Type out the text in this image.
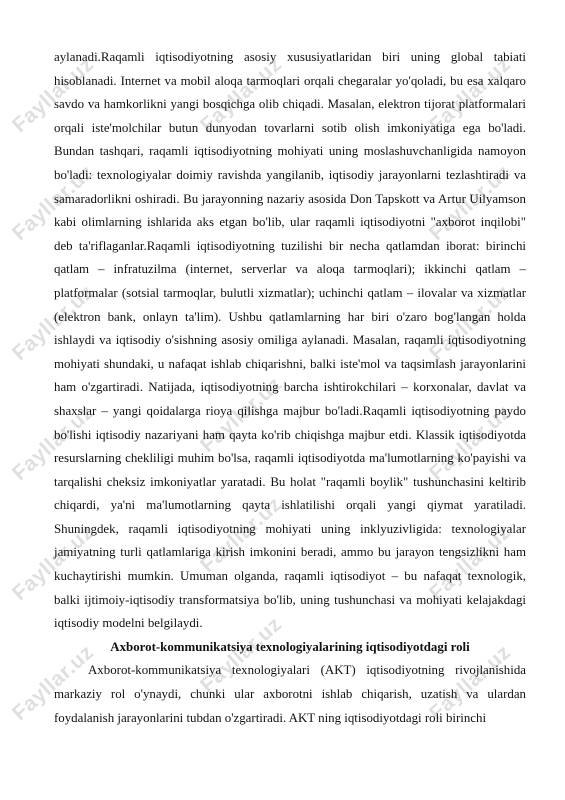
Fayllar.uz
Fayllar.uz
Fayllar.uz
Fayllar.uz
Fayllar.uz
Fayllar.uz
Fayllar.uz
Fayllar.uz
Fayllar.uz
Fayllar.uz
Fayllar.uz
Fayllar.uz
Fayllar.uz
Fayllar.uz
Fayllar.uz
Fayllar.uz

aylanadi.Raqamli iqtisodiyotning asosiy xususiyatlaridan biri uning global tabiati hisoblanadi. Internet va mobil aloqa tarmoqlari orqali chegaralar yo'qoladi, bu esa xalqaro savdo va hamkorlikni yangi bosqichga olib chiqadi. Masalan, elektron tijorat platformalari orqali iste'molchilar butun dunyodan tovarlarni sotib olish imkoniyatiga ega bo'ladi. Bundan tashqari, raqamli iqtisodiyotning mohiyati uning moslashuvchanligida namoyon bo'ladi: texnologiyalar doimiy ravishda yangilanib, iqtisodiy jarayonlarni tezlashtiradi va samaradorlikni oshiradi. Bu jarayonning nazariy asosida Don Tapskott va Artur Uilyamson kabi olimlarning ishlarida aks etgan bo'lib, ular raqamli iqtisodiyotni "axborot inqilobi" deb ta'riflaganlar.Raqamli iqtisodiyotning tuzilishi bir necha qatlamdan iborat: birinchi qatlam – infratuzilma (internet, serverlar va aloqa tarmoqlari); ikkinchi qatlam – platformalar (sotsial tarmoqlar, bulutli xizmatlar); uchinchi qatlam – ilovalar va xizmatlar (elektron bank, onlayn ta'lim). Ushbu qatlamlarning har biri o'zaro bog'langan holda ishlaydi va iqtisodiy o'sishning asosiy omiliga aylanadi. Masalan, raqamli iqtisodiyotning mohiyati shundaki, u nafaqat ishlab chiqarishni, balki iste'mol va taqsimlash jarayonlarini ham o'zgartiradi. Natijada, iqtisodiyotning barcha ishtirokchilari – korxonalar, davlat va shaxslar – yangi qoidalarga rioya qilishga majbur bo'ladi.Raqamli iqtisodiyotning paydo bo'lishi iqtisodiy nazariyani ham qayta ko'rib chiqishga majbur etdi. Klassik iqtisodiyotda resurslarning chekliligi muhim bo'lsa, raqamli iqtisodiyotda ma'lumotlarning ko'payishi va tarqalishi cheksiz imkoniyatlar yaratadi. Bu holat "raqamli boylik" tushunchasini keltirib chiqardi, ya'ni ma'lumotlarning qayta ishlatilishi orqali yangi qiymat yaratiladi. Shuningdek, raqamli iqtisodiyotning mohiyati uning inklyuzivligida: texnologiyalar jamiyatning turli qatlamlariga kirish imkonini beradi, ammo bu jarayon tengsizlikni ham kuchaytirishi mumkin. Umuman olganda, raqamli iqtisodiyot – bu nafaqat texnologik, balki ijtimoiy-iqtisodiy transformatsiya bo'lib, uning tushunchasi va mohiyati kelajakdagi iqtisodiy modelni belgilaydi.

Axborot-kommunikatsiya texnologiyalarining iqtisodiyotdagi roli

Axborot-kommunikatsiya texnologiyalari (AKT) iqtisodiyotning rivojlanishida markaziy rol o'ynaydi, chunki ular axborotni ishlab chiqarish, uzatish va ulardan foydalanish jarayonlarini tubdan o'zgartiradi. AKT ning iqtisodiyotdagi roli birinchi
